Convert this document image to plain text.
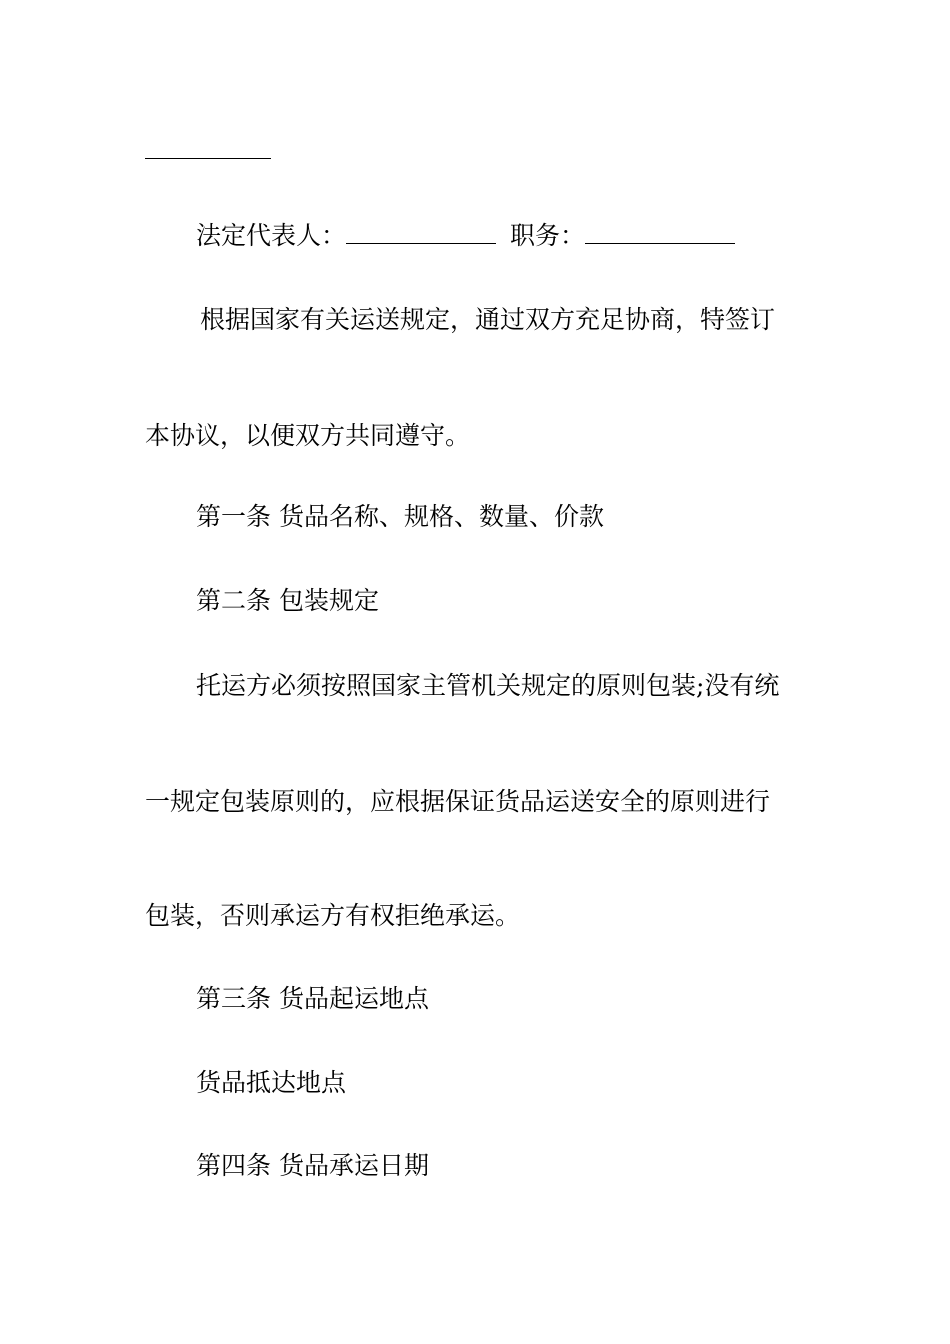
法定代表人：	职务：
根据国家有关运送规定，通过双方充足协商，特签订
本协议，以便双方共同遵守。
第一条 货品名称、规格、数量、价款
第二条 包装规定
托运方必须按照国家主管机关规定的原则包装;没有统
一规定包装原则的，应根据保证货品运送安全的原则进行
包装，否则承运方有权拒绝承运。
第三条 货品起运地点
货品抵达地点
第四条 货品承运日期
